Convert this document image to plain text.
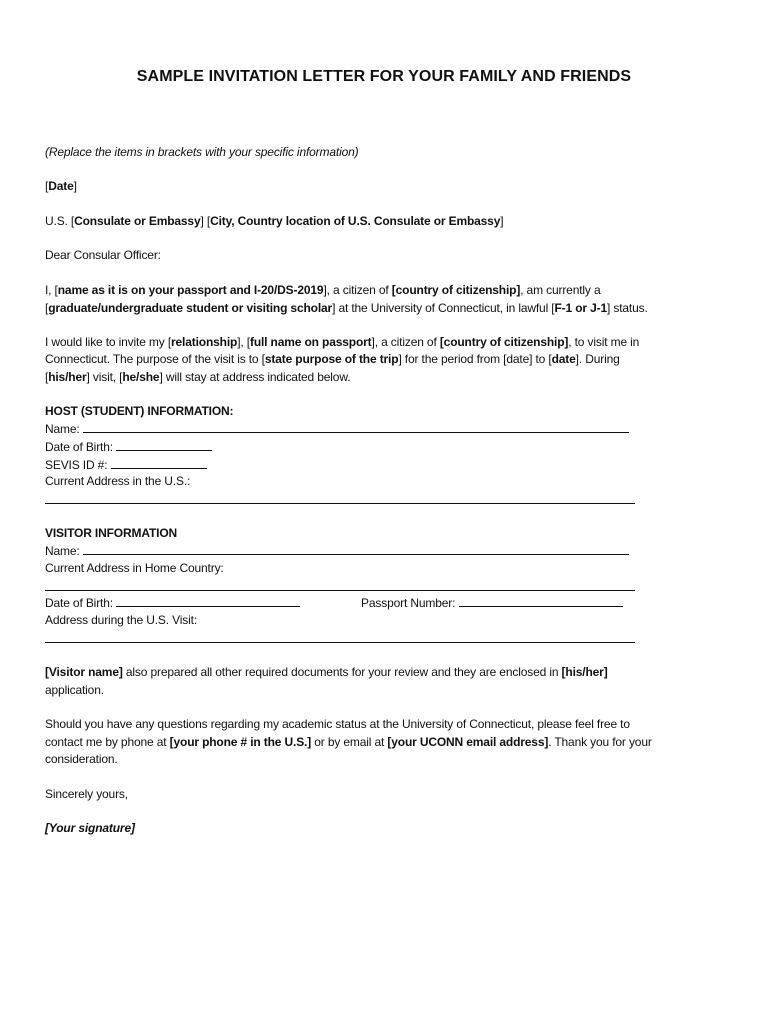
SAMPLE INVITATION LETTER FOR YOUR FAMILY AND FRIENDS
(Replace the items in brackets with your specific information)
[Date]
U.S. [Consulate or Embassy] [City, Country location of U.S. Consulate or Embassy]
Dear Consular Officer:
I, [name as it is on your passport and I-20/DS-2019], a citizen of [country of citizenship], am currently a
[graduate/undergraduate student or visiting scholar] at the University of Connecticut, in lawful [F-1 or J-1] status.
I would like to invite my [relationship], [full name on passport], a citizen of [country of citizenship], to visit me in
Connecticut. The purpose of the visit is to [state purpose of the trip] for the period from [date] to [date]. During
[his/her] visit, [he/she] will stay at address indicated below.
HOST (STUDENT) INFORMATION:
Name:
Date of Birth:
SEVIS ID #:
Current Address in the U.S.:
VISITOR INFORMATION
Name:
Current Address in Home Country:
Date of Birth:	Passport Number:
Address during the U.S. Visit:
[Visitor name] also prepared all other required documents for your review and they are enclosed in [his/her]
application.
Should you have any questions regarding my academic status at the University of Connecticut, please feel free to
contact me by phone at [your phone # in the U.S.] or by email at [your UCONN email address]. Thank you for your
consideration.
Sincerely yours,
[Your signature]
